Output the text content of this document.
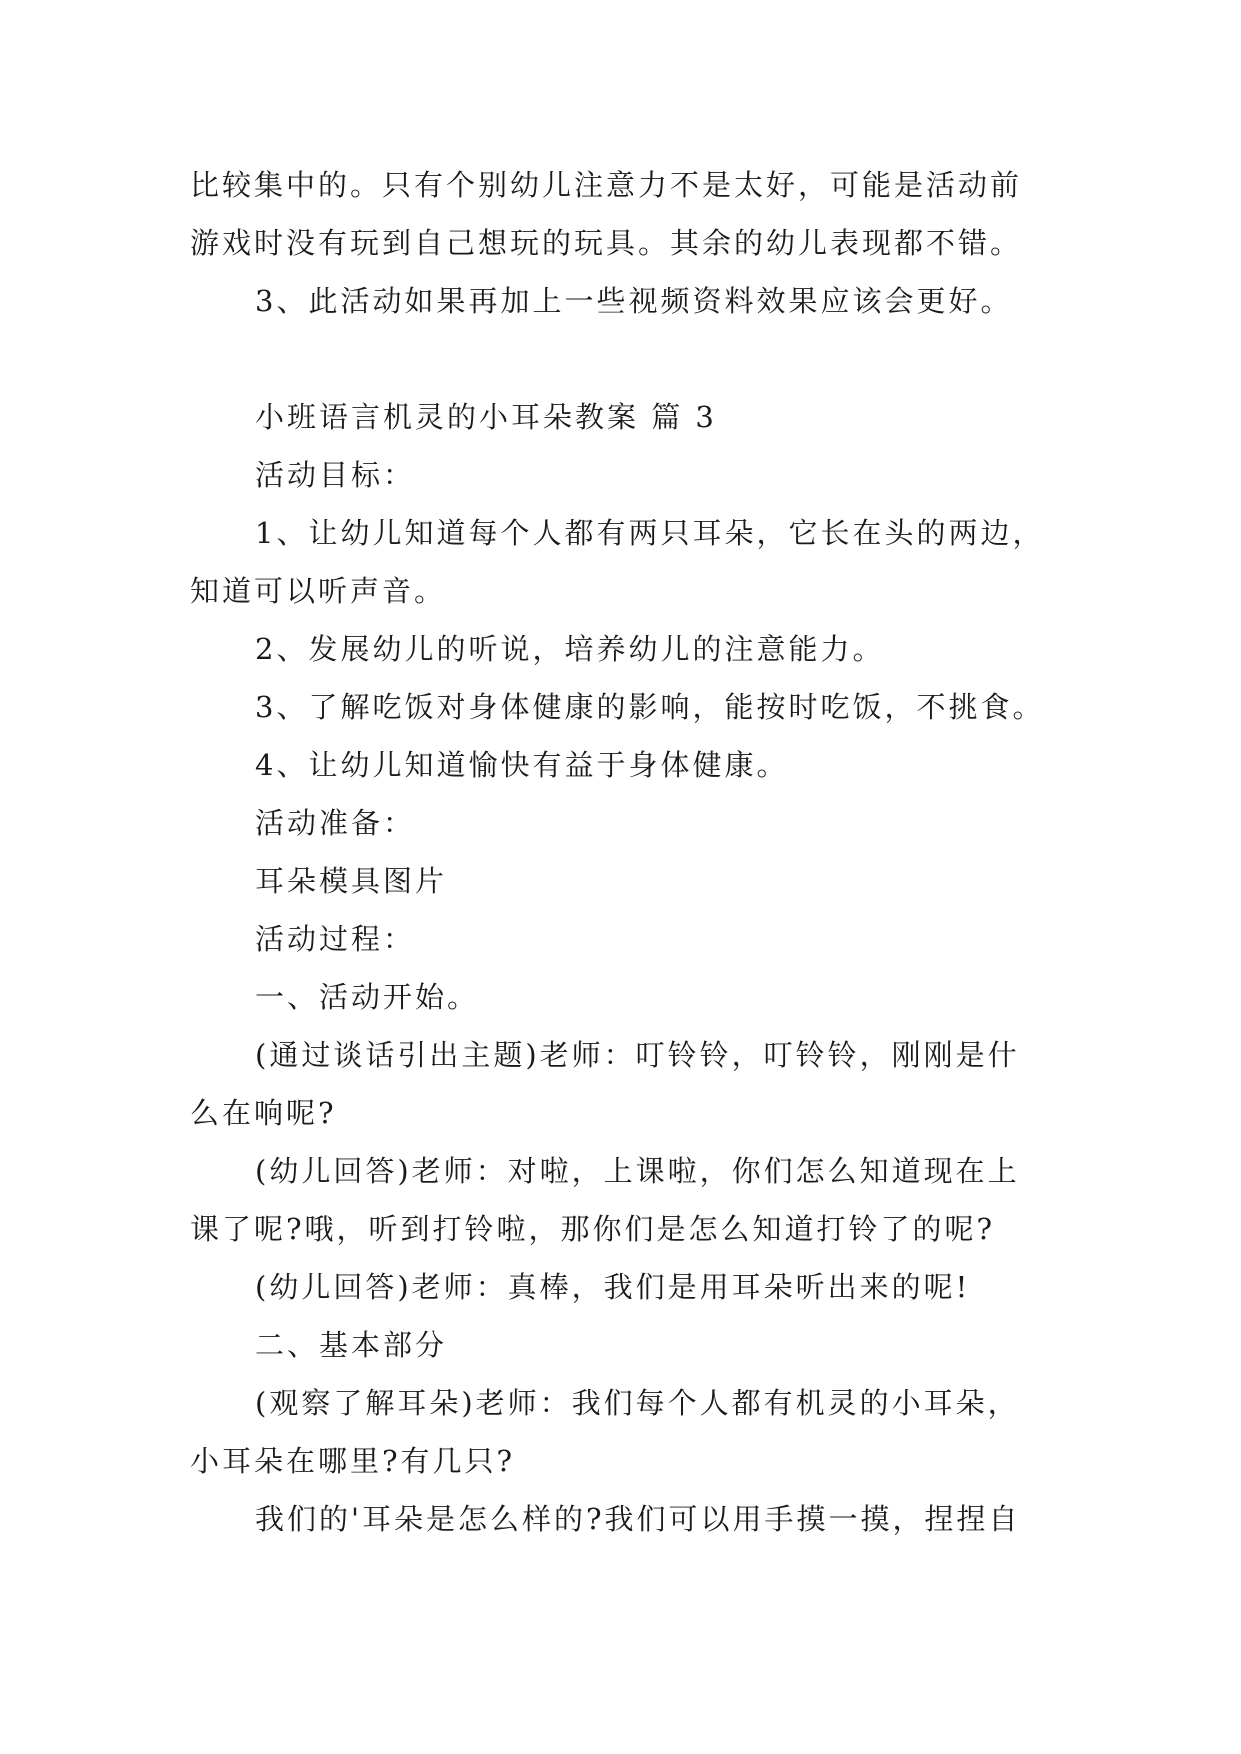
比较集中的。只有个别幼儿注意力不是太好，可能是活动前
游戏时没有玩到自己想玩的玩具。其余的幼儿表现都不错。
3、此活动如果再加上一些视频资料效果应该会更好。
小班语言机灵的小耳朵教案 篇 3
活动目标：
1、让幼儿知道每个人都有两只耳朵，它长在头的两边，
知道可以听声音。
2、发展幼儿的听说，培养幼儿的注意能力。
3、了解吃饭对身体健康的影响，能按时吃饭，不挑食。
4、让幼儿知道愉快有益于身体健康。
活动准备：
耳朵模具图片
活动过程：
一、活动开始。
(通过谈话引出主题)老师：叮铃铃，叮铃铃，刚刚是什
么在响呢?
(幼儿回答)老师：对啦，上课啦，你们怎么知道现在上
课了呢?哦，听到打铃啦，那你们是怎么知道打铃了的呢?
(幼儿回答)老师：真棒，我们是用耳朵听出来的呢!
二、基本部分
(观察了解耳朵)老师：我们每个人都有机灵的小耳朵，
小耳朵在哪里?有几只?
我们的'耳朵是怎么样的?我们可以用手摸一摸，捏捏自
